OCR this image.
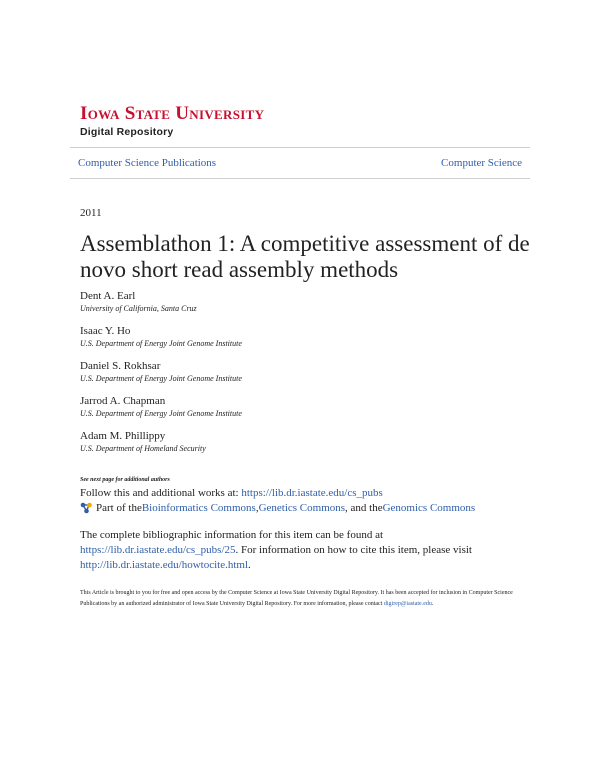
Iowa State University
Digital Repository
Computer Science Publications	Computer Science
2011
Assemblathon 1: A competitive assessment of de novo short read assembly methods
Dent A. Earl
University of California, Santa Cruz
Isaac Y. Ho
U.S. Department of Energy Joint Genome Institute
Daniel S. Rokhsar
U.S. Department of Energy Joint Genome Institute
Jarrod A. Chapman
U.S. Department of Energy Joint Genome Institute
Adam M. Phillippy
U.S. Department of Homeland Security
See next page for additional authors
Follow this and additional works at: https://lib.dr.iastate.edu/cs_pubs
Part of the Bioinformatics Commons , Genetics Commons , and the Genomics Commons
The complete bibliographic information for this item can be found at https://lib.dr.iastate.edu/cs_pubs/25. For information on how to cite this item, please visit http://lib.dr.iastate.edu/howtocite.html.
This Article is brought to you for free and open access by the Computer Science at Iowa State University Digital Repository. It has been accepted for inclusion in Computer Science Publications by an authorized administrator of Iowa State University Digital Repository. For more information, please contact digirep@iastate.edu.
